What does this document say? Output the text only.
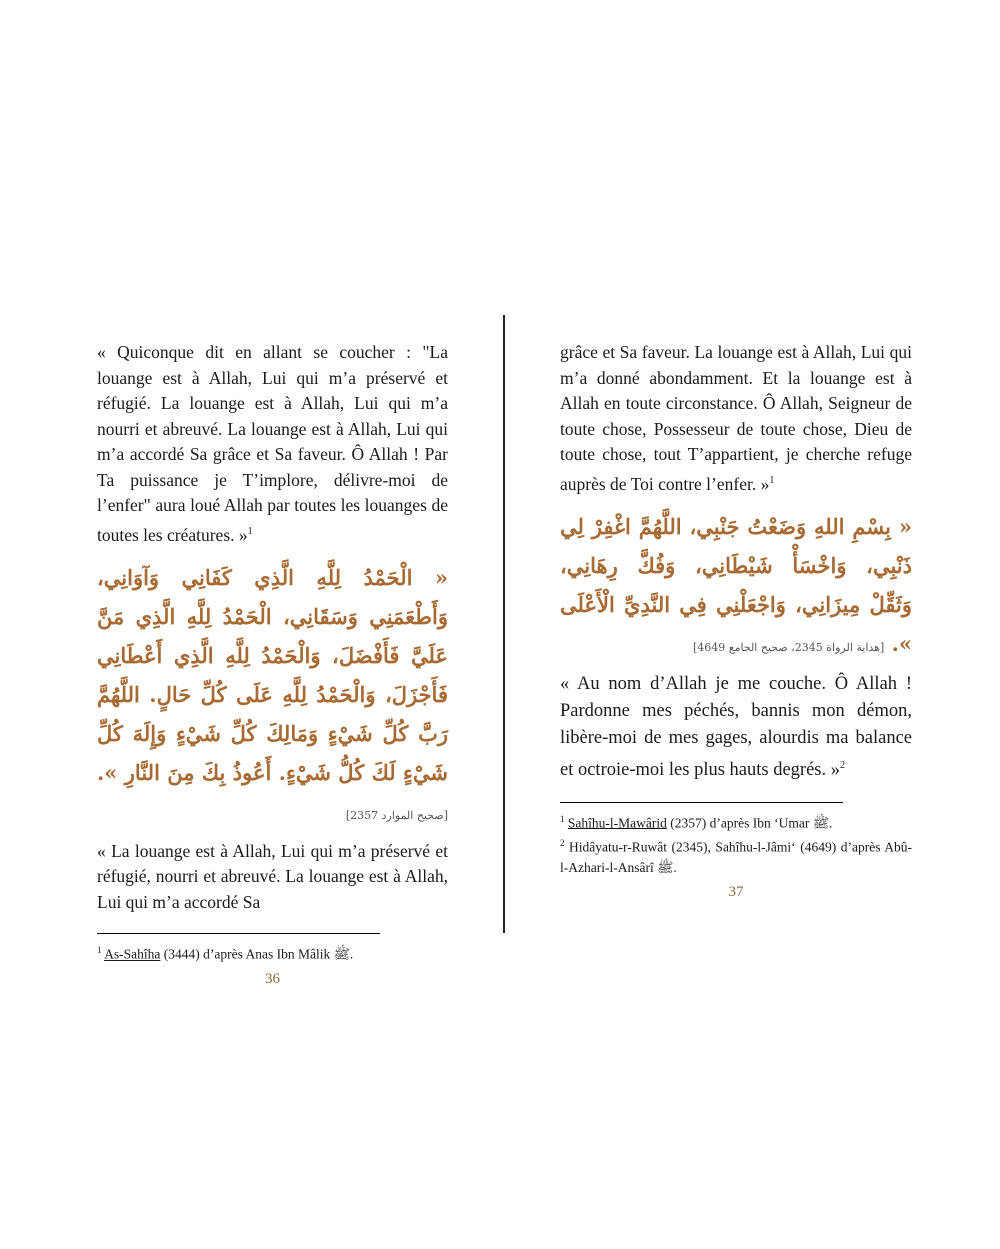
« Quiconque dit en allant se coucher : "La louange est à Allah, Lui qui m’a préservé et réfugié. La louange est à Allah, Lui qui m’a nourri et abreuvé. La louange est à Allah, Lui qui m’a accordé Sa grâce et Sa faveur. Ô Allah ! Par Ta puissance je T’implore, délivre-moi de l’enfer" aura loué Allah par toutes les louanges de toutes les créatures. »$^1$

« الْحَمْدُ لِلَّهِ الَّذِي كَفَانِي وَآوَانِي، وَأَطْعَمَنِي وَسَقَانِي، الْحَمْدُ لِلَّهِ الَّذِي مَنَّ عَلَيَّ فَأَفْضَلَ، وَالْحَمْدُ لِلَّهِ الَّذِي أَعْطَانِي فَأَجْزَلَ، وَالْحَمْدُ لِلَّهِ عَلَى كُلِّ حَالٍ. اللَّهُمَّ رَبَّ كُلِّ شَيْءٍ وَمَالِكَ كُلِّ شَيْءٍ وَإِلَهَ كُلِّ شَيْءٍ لَكَ كُلُّ شَيْءٍ. أَعُوذُ بِكَ مِنَ النَّارِ ». [صحيح الموارد 2357]

« La louange est à Allah, Lui qui m’a préservé et réfugié, nourri et abreuvé. La louange est à Allah, Lui qui m’a accordé Sa

$^1$ As-Sahîha (3444) d’après Anas Ibn Mâlik ﷺ.

36

grâce et Sa faveur. La louange est à Allah, Lui qui m’a donné abondamment. Et la louange est à Allah en toute circonstance. Ô Allah, Seigneur de toute chose, Possesseur de toute chose, Dieu de toute chose, tout T’appartient, je cherche refuge auprès de Toi contre l’enfer. »$^1$

« بِسْمِ اللهِ وَضَعْتُ جَنْبِي، اللَّهُمَّ اغْفِرْ لِي ذَنْبِي، وَاخْسَأْ شَيْطَانِي، وَفُكَّ رِهَانِي، وَثَقِّلْ مِيزَانِي، وَاجْعَلْنِي فِي النَّدِيِّ الْأَعْلَى ». [هداية الرواة 2345، صحيح الجامع 4649]

« Au nom d’Allah je me couche. Ô Allah ! Pardonne mes péchés, bannis mon démon, libère-moi de mes gages, alourdis ma balance et octroie-moi les plus hauts degrés. »$^2$

$^1$ Sahîhu-l-Mawârid (2357) d’après Ibn ‘Umar ﷺ.

$^2$ Hidâyatu-r-Ruwât (2345), Sahîhu-l-Jâmi‘ (4649) d’après Abû-l-Azhari-l-Ansârî ﷺ.

37
